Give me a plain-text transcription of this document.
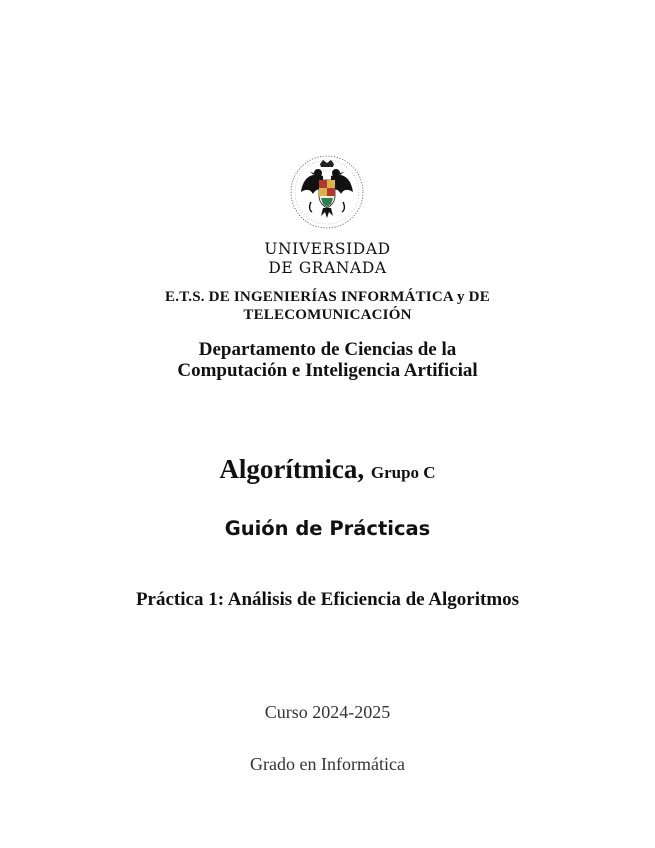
UNIVERSIDAD
DE GRANADA
E.T.S. DE INGENIERÍAS INFORMÁTICA y DE
TELECOMUNICACIÓN
Departamento de Ciencias de la
Computación e Inteligencia Artificial
Algorítmica, Grupo C
Guión de Prácticas
Práctica 1: Análisis de Eficiencia de Algoritmos
Curso 2024-2025
Grado en Informática
